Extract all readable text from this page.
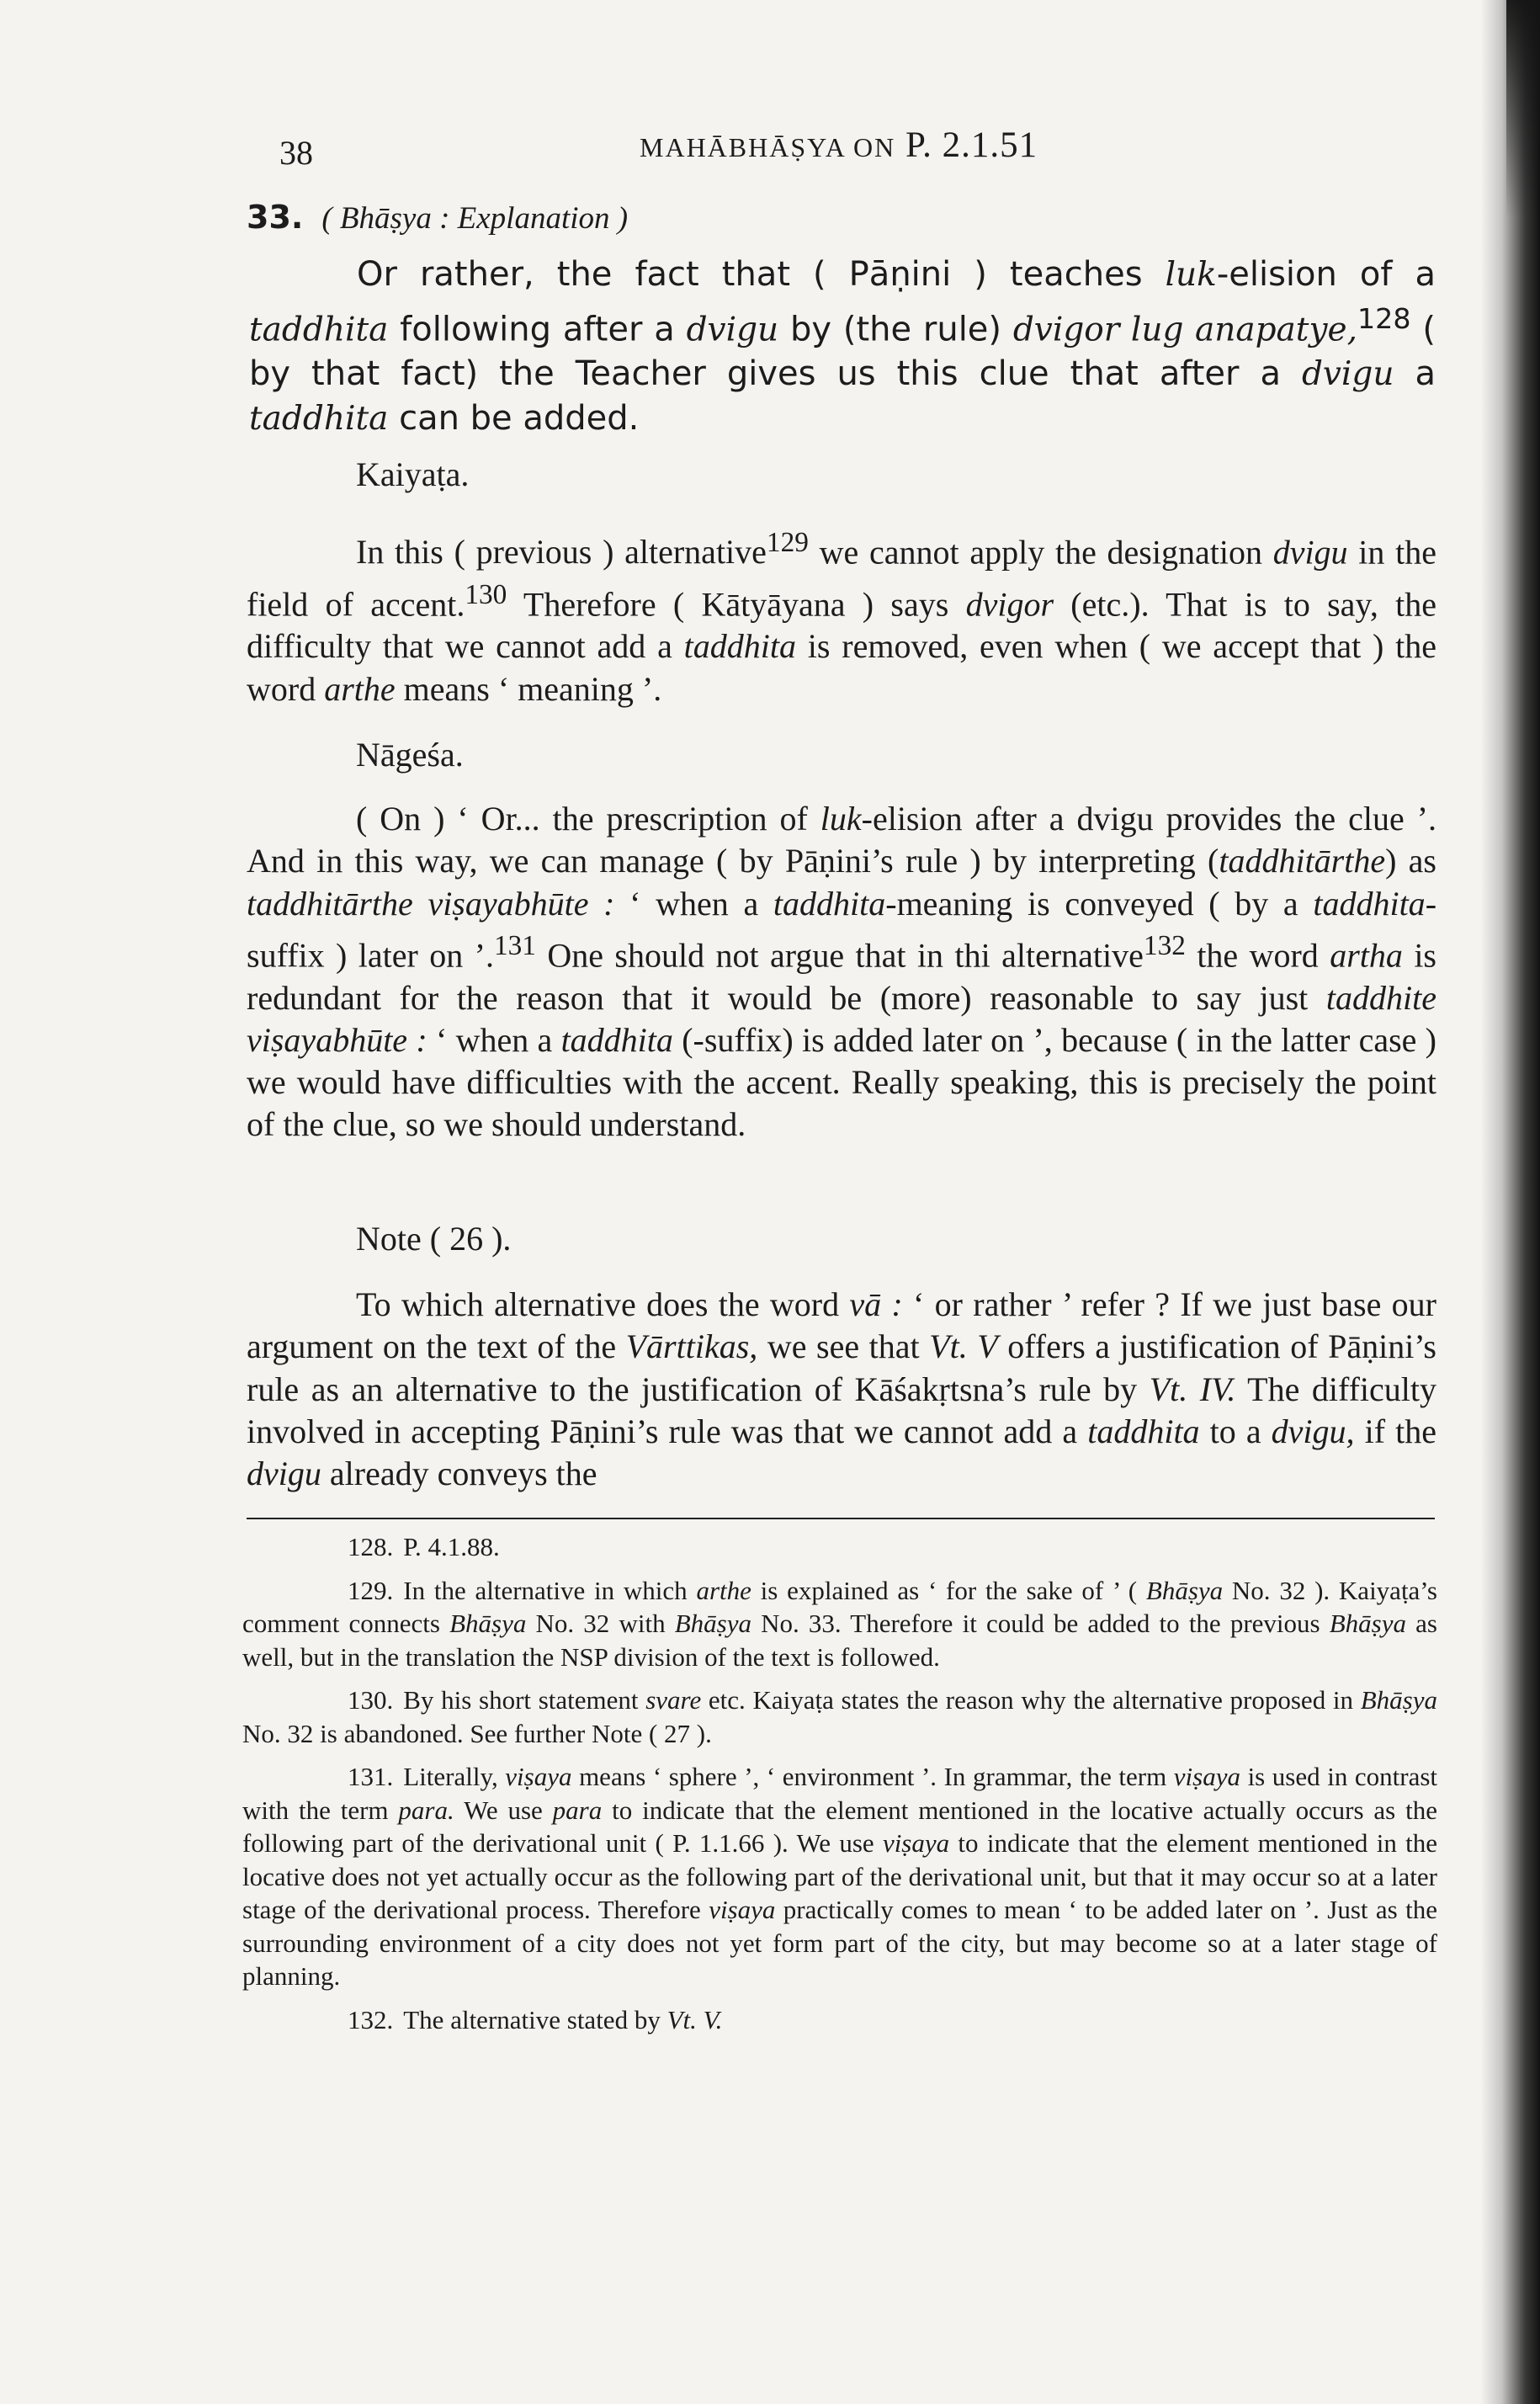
38	MAHĀBHĀṢYA ON P. 2.1.51
33. ( Bhāṣya : Explanation )
Or rather, the fact that ( Pāṇini ) teaches luk-elision of a taddhita following after a dvigu by (the rule) dvigor lug anapatye,$^{128}$ ( by that fact) the Teacher gives us this clue that after a dvigu a taddhita can be added.
Kaiyaṭa.
In this ( previous ) alternative$^{129}$ we cannot apply the designation dvigu in the field of accent.$^{130}$ Therefore ( Kātyāyana ) says dvigor (etc.). That is to say, the difficulty that we cannot add a taddhita is removed, even when ( we accept that ) the word arthe means ‘ meaning ’.
Nāgeśa.
( On ) ‘ Or... the prescription of luk-elision after a dvigu provides the clue ’. And in this way, we can manage ( by Pāṇini’s rule ) by interpreting (taddhitārthe) as taddhitārthe viṣayabhūte : ‘ when a taddhita-meaning is conveyed ( by a taddhita-suffix ) later on ’.$^{131}$ One should not argue that in thi alternative$^{132}$ the word artha is redundant for the reason that it would be (more) reasonable to say just taddhite viṣayabhūte : ‘ when a taddhita (-suffix) is added later on ’, because ( in the latter case ) we would have difficulties with the accent. Really speaking, this is precisely the point of the clue, so we should understand.
Note ( 26 ).
To which alternative does the word vā : ‘ or rather ’ refer ? If we just base our argument on the text of the Vārttikas, we see that Vt. V offers a justification of Pāṇini’s rule as an alternative to the justification of Kāśakṛtsna’s rule by Vt. IV. The difficulty involved in accepting Pāṇini’s rule was that we cannot add a taddhita to a dvigu, if the dvigu already conveys the
128. P. 4.1.88.
129. In the alternative in which arthe is explained as ‘ for the sake of ’ ( Bhāṣya No. 32 ). Kaiyaṭa’s comment connects Bhāṣya No. 32 with Bhāṣya No. 33. Therefore it could be added to the previous Bhāṣya as well, but in the translation the NSP division of the text is followed.
130. By his short statement svare etc. Kaiyaṭa states the reason why the alternative proposed in Bhāṣya No. 32 is abandoned. See further Note ( 27 ).
131. Literally, viṣaya means ‘ sphere ’, ‘ environment ’. In grammar, the term viṣaya is used in contrast with the term para. We use para to indicate that the element mentioned in the locative actually occurs as the following part of the derivational unit ( P. 1.1.66 ). We use viṣaya to indicate that the element mentioned in the locative does not yet actually occur as the following part of the derivational unit, but that it may occur so at a later stage of the derivational process. Therefore viṣaya practically comes to mean ‘ to be added later on ’. Just as the surrounding environment of a city does not yet form part of the city, but may become so at a later stage of planning.
132. The alternative stated by Vt. V.
